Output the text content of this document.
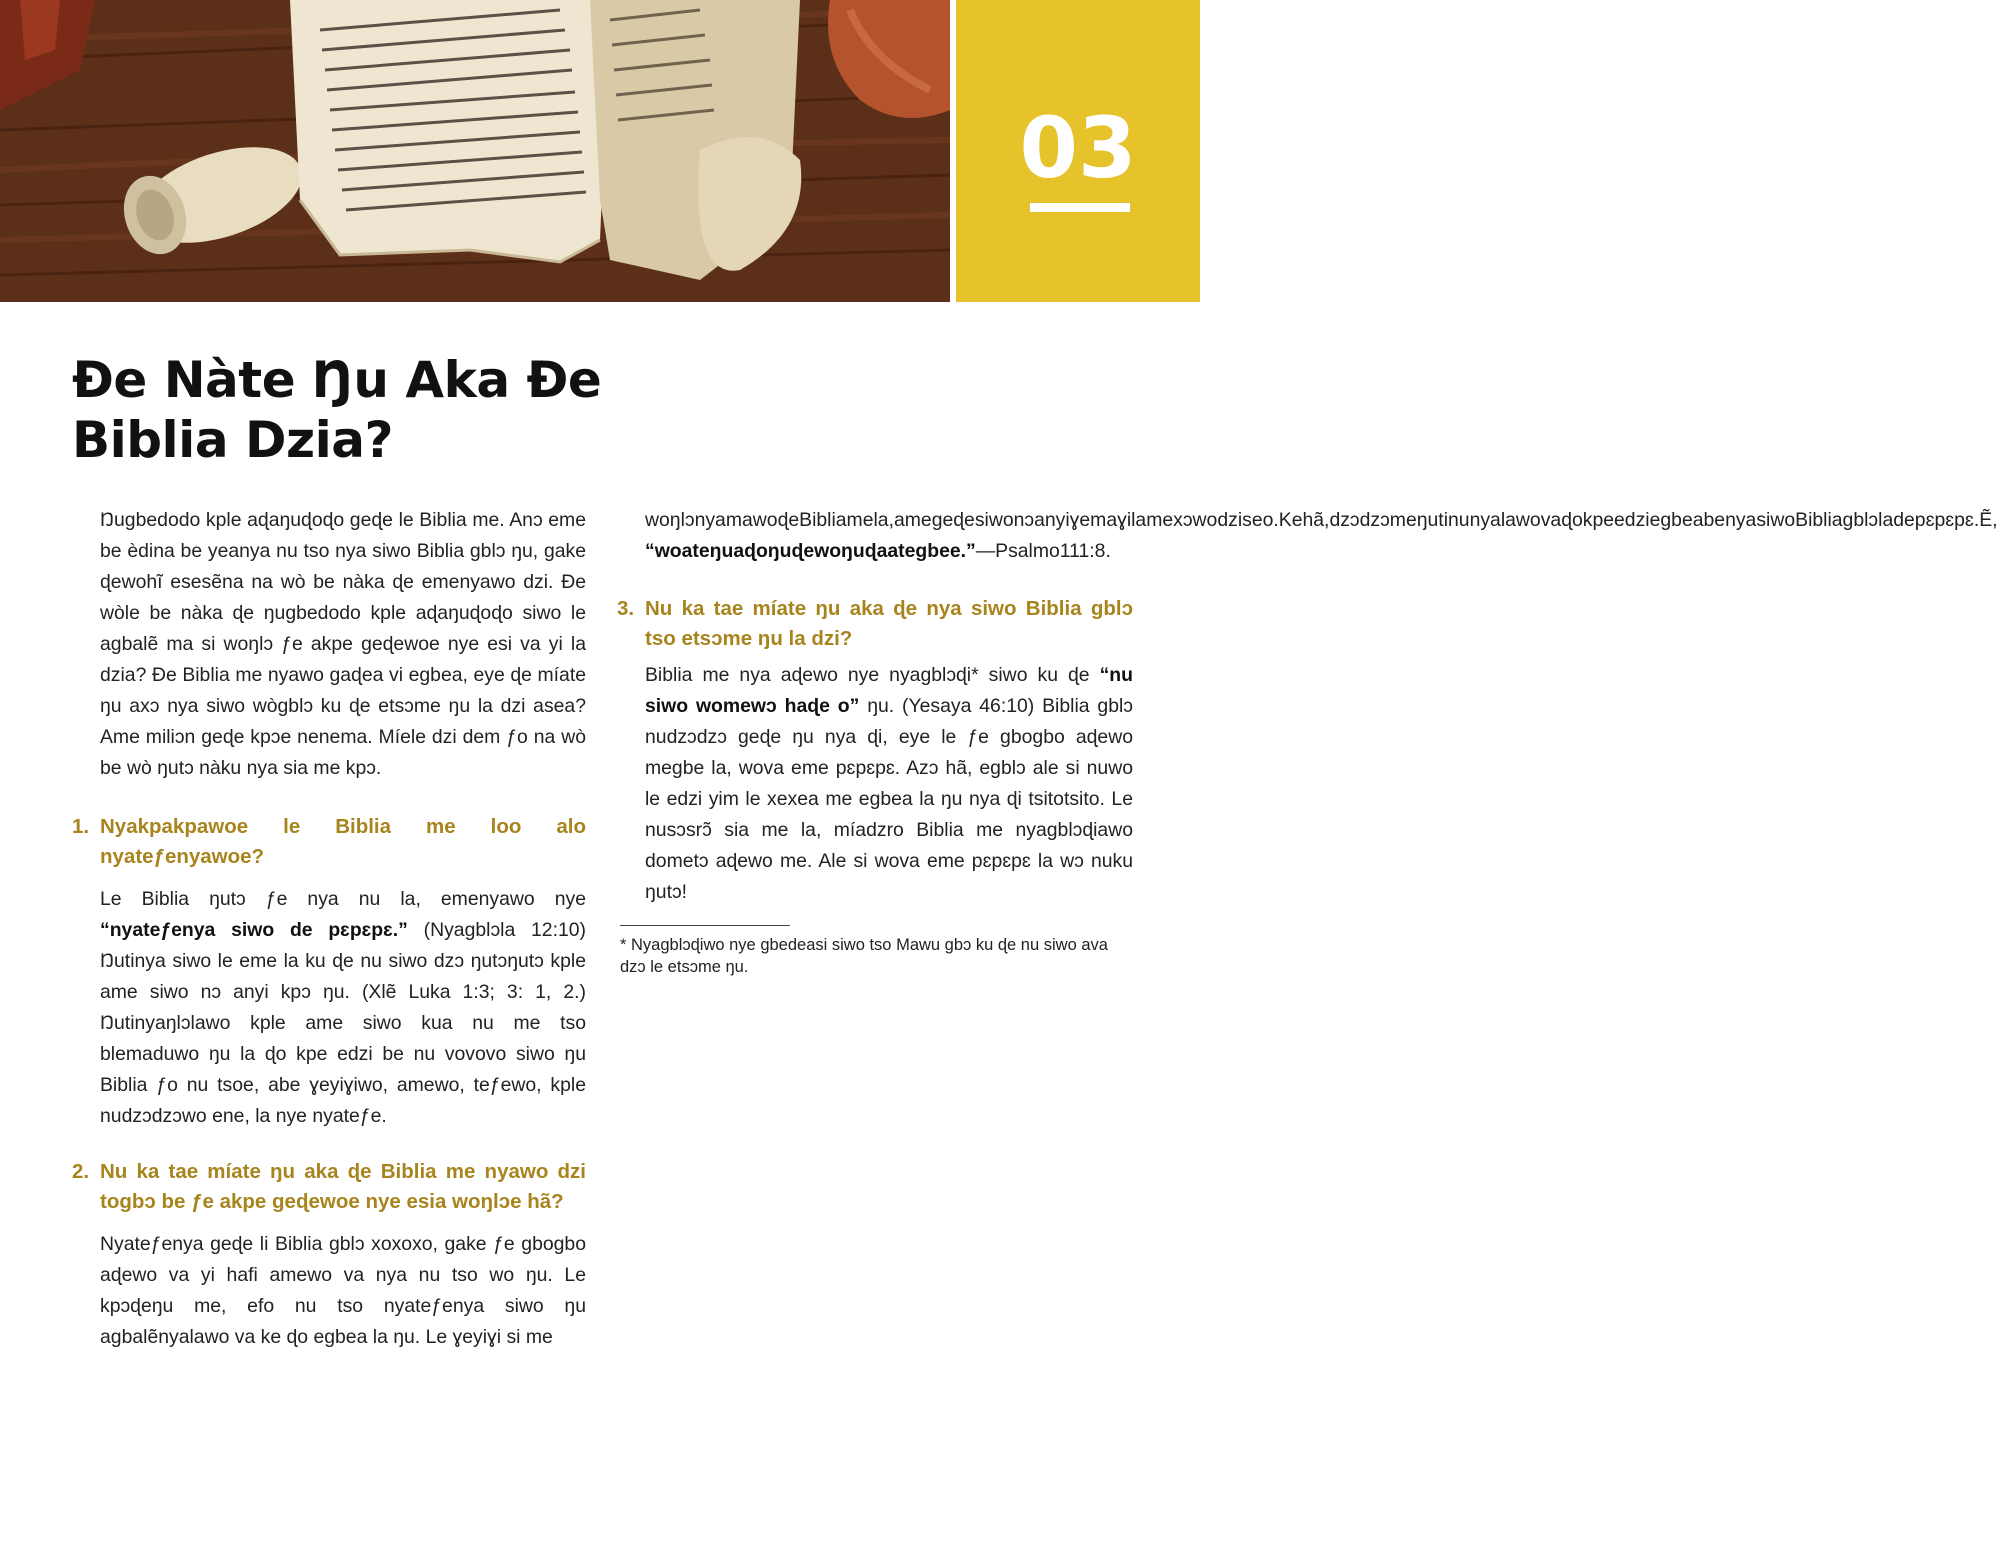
03
Ɖe Nàte Ŋu Aka Ɖe Biblia Dzia?

Ŋugbedodo kple aɖaŋuɖoɖo geɖe le Biblia me. Anɔ eme be èdina be yeanya nu tso nya siwo Biblia gblɔ ŋu, gake ɖewohĩ esesẽna na wò be nàka ɖe emenyawo dzi. Ðe wòle be nàka ɖe ŋugbedodo kple aɖaŋuɖoɖo siwo le agbalẽ ma si woŋlɔ ƒe akpe geɖewoe nye esi va yi la dzia? Ðe Biblia me nyawo gaɖea vi egbea, eye ɖe míate ŋu axɔ nya siwo wògblɔ ku ɖe etsɔme ŋu la dzi asea? Ame miliɔn geɖe kpɔe nenema. Míele dzi dem ƒo na wò be wò ŋutɔ nàku nya sia me kpɔ.

1. Nyakpakpawoe le Biblia me loo alo nyateƒenyawoe?

Le Biblia ŋutɔ ƒe nya nu la, emenyawo nye “nyateƒenya siwo de pɛpɛpɛ.” (Nyagblɔla 12:10) Ŋutinya siwo le eme la ku ɖe nu siwo dzɔ ŋutɔŋutɔ kple ame siwo nɔ anyi kpɔ ŋu. (Xlẽ Luka 1:3; 3: 1, 2.) Ŋutinyaŋlɔlawo kple ame siwo kua nu me tso blemaduwo ŋu la ɖo kpe edzi be nu vovovo siwo ŋu Biblia ƒo nu tsoe, abe ɣeyiɣiwo, amewo, teƒewo, kple nudzɔdzɔwo ene, la nye nyateƒe.

2. Nu ka tae míate ŋu aka ɖe Biblia me nyawo dzi togbɔ be ƒe akpe geɖewoe nye esia woŋlɔe hã?

Nyateƒenya geɖe li Biblia gblɔ xoxoxo, gake ƒe gbogbo aɖewo va yi hafi amewo va nya nu tso wo ŋu. Le kpɔɖeŋu me, efo nu tso nyateƒenya siwo ŋu agbalẽnyalawo va ke ɖo egbea la ŋu. Le ɣeyiɣi si me

woŋlɔnyamawoɖeBibliamela,amegeɖesiwonɔanyiɣemaɣilamexɔwodziseo.Kehã,dzɔdzɔmeŋutinunyalawovaɖokpeedziegbeabenyasiwoBibliagblɔladepɛpɛpɛ.Ẽ, “woateŋuaɖoŋuɖewoŋuɖaategbee.”—Psalmo111:8.

3. Nu ka tae míate ŋu aka ɖe nya siwo Biblia gblɔ tso etsɔme ŋu la dzi?

Biblia me nya aɖewo nye nyagblɔɖi* siwo ku ɖe “nu siwo womewɔ haɖe o” ŋu. (Yesaya 46:10) Biblia gblɔ nudzɔdzɔ geɖe ŋu nya ɖi, eye le ƒe gbogbo aɖewo megbe la, wova eme pɛpɛpɛ. Azɔ hã, egblɔ ale si nuwo le edzi yim le xexea me egbea la ŋu nya ɖi tsitotsito. Le nusɔsrɔ̃ sia me la, míadzro Biblia me nyagblɔɖiawo dometɔ aɖewo me. Ale si wova eme pɛpɛpɛ la wɔ nuku ŋutɔ!

* Nyagblɔɖiwo nye gbedeasi siwo tso Mawu gbɔ ku ɖe nu siwo ava dzɔ le etsɔme ŋu.
